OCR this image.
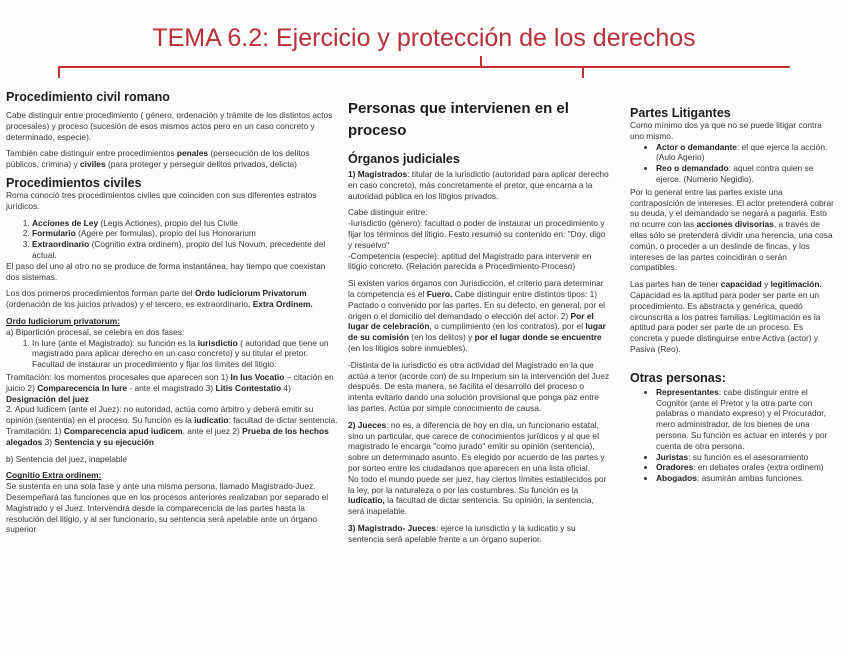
TEMA 6.2: Ejercicio y protección de los derechos
Procedimiento civil romano

Cabe distinguir entre procedimiento ( género, ordenación y trámite de los distintos actos procesales) y proceso (sucesión de esos mismos actos pero en un caso concreto y determinado, especie).

También cabe distinguir entre procedimientos penales (persecución de los delitos públicos, crimina) y civiles (para proteger y perseguir delitos privados, delicta)

Procedimientos civiles

Roma conoció tres procedimientos civiles que coinciden con sus diferentes estratos jurídicos.

1. Acciones de Ley (Legis Actiones), propio del Ius Civile
2. Formulario (Agere per formulas), propio del Ius Honorarium
3. Extraordinario (Cognitio extra ordinem), propio del Ius Novum, precedente del actual.

El paso del uno al otro no se produce de forma instantánea, hay tiempo que coexistan dos sistemas.

Los dos primeros procedimientos forman parte del Ordo Iudiciorum Privatorum (ordenación de los juicios privados) y el tercero, es extraordinario, Extra Ordinem.

Ordo Iudiciorum privatorum:

a) Bipartición procesal, se celebra en dos fases:

1. In Iure (ante el Magistrado): su función es la iurisdictio ( autoridad que tiene un magistrado para aplicar derecho en un caso concreto) y su titular el pretor. Facultad de instaurar un procedimiento y fijar los límites del litigio.

Tramitación: los momentos procesales que aparecen son 1) In Ius Vocatio – citación en juicio 2) Comparecencia In Iure - ante el magistrado 3) Litis Contestatio 4) Designación del juez

2. Apud Iudicem (ante el Juez): no autoridad, actúa como árbitro y deberá emitir su opinión (sententia) en el proceso. Su función es la iudicatio: facultad de dictar sentencia.

Tramitación: 1) Comparecencia apud iudicem, ante el juez 2) Prueba de los hechos alegados 3) Sentencia y su ejecución

b) Sentencia del juez, inapelable

Cognitio Extra ordinem:

Se sustenta en una sola fase y ante una misma persona, llamado Magistrado-Juez. Desempeñará las funciones que en los procesos anteriores realizaban por separado el Magistrado y el Juez. Intervendrá desde la comparecencia de las partes hasta la resolución del litigio, y al ser funcionario, su sentencia será apelable ante un órgano superior

Personas que intervienen en el proceso
Órganos judiciales

1) Magistrados: titular de la iurisdictio (autoridad para aplicar derecho en caso concreto), más concretamente el pretor, que encarna a la autoridad pública en los litigios privados.

Cabe distinguir entre:

-Iurisdictio (género): facultad o poder de instaurar un procedimiento y fijar los términos del litigio. Festo resumió su contenido en: "Doy, digo y resuelvo"

-Competencia (especie): aptitud del Magistrado para intervenir en litigio concreto. (Relación parecida a Procedimiento-Proceso)

Si existen varios órganos con Jurisdicción, el criterio para determinar la competencia es el Fuero. Cabe distinguir entre distintos tipos: 1) Pactado o convenido por las partes. En su defecto, en general, por el origen o el domicilio del demandado o elección del actor. 2) Por el lugar de celebración, o cumplimiento (en los contratos), por el lugar de su comisión (en los delitos) y por el lugar donde se encuentre (en los litigios sobre inmuebles).

-Distinta de la iurisdictio es otra actividad del Magistrado en la que actúa a tenor (acorde con) de su Imperium sin la intervención del Juez después. De esta manera, se facilita el desarrollo del proceso o intenta evitarlo dando una solución provisional que ponga paz entre las partes. Actúa por simple conocimiento de causa.

2) Jueces: no es, a diferencia de hoy en día, un funcionario estatal, sino un particular, que carece de conocimientos jurídicos y al que el magistrado le encarga "como jurado" emitir su opinión (sentencia), sobre un determinado asunto. Es elegido por acuerdo de las partes y por sorteo entre los ciudadanos que aparecen en una lista oficial.

No todo el mundo puede ser juez, hay ciertos límites establecidos por la ley, por la naturaleza o por las costumbres. Su función es la iudicatio, la facultad de dictar sentencia. Su opinión, la sentencia, será inapelable.

3) Magistrado- Jueces: ejerce la iurisdictio y la iudicatio y su sentencia será apelable frente a un órgano superior.

Partes Litigantes

Como mínimo dos ya que no se puede litigar contra uno mismo.

• Actor o demandante: el que ejerce la acción. (Aulo Agerio)
• Reo o demandado: aquel contra quien se ejerce. (Numerio Negidio).

Por lo general entre las partes existe una contraposición de intereses. El actor pretenderá cobrar su deuda, y el demandado se negará a pagarla. Esto no ocurre con las acciones divisorias, a través de ellas sólo se pretenderá dividir una herencia, una cosa común, o proceder a un deslinde de fincas, y los intereses de las partes coincidirán o serán compatibles.

Las partes han de tener capacidad y legitimación. Capacidad es la aptitud para poder ser parte en un procedimiento. Es abstracta y genérica, quedó circunscrita a los patres familias. Legitimación es la aptitud para poder ser parte de un proceso. Es concreta y puede distinguirse entre Activa (actor) y Pasiva (Reo).

Otras personas:
• Representantes: cabe distinguir entre el Cognitor (ante el Pretor y la otra parte con palabras o mandato expreso) y el Procurador, mero administrador, de los bienes de una persona. Su función es actuar en interés y por cuenta de otra persona.
• Juristas: su función es el asesoramiento
• Oradores: en debates orales (extra ordinem)
• Abogados: asumirán ambas funciones.
